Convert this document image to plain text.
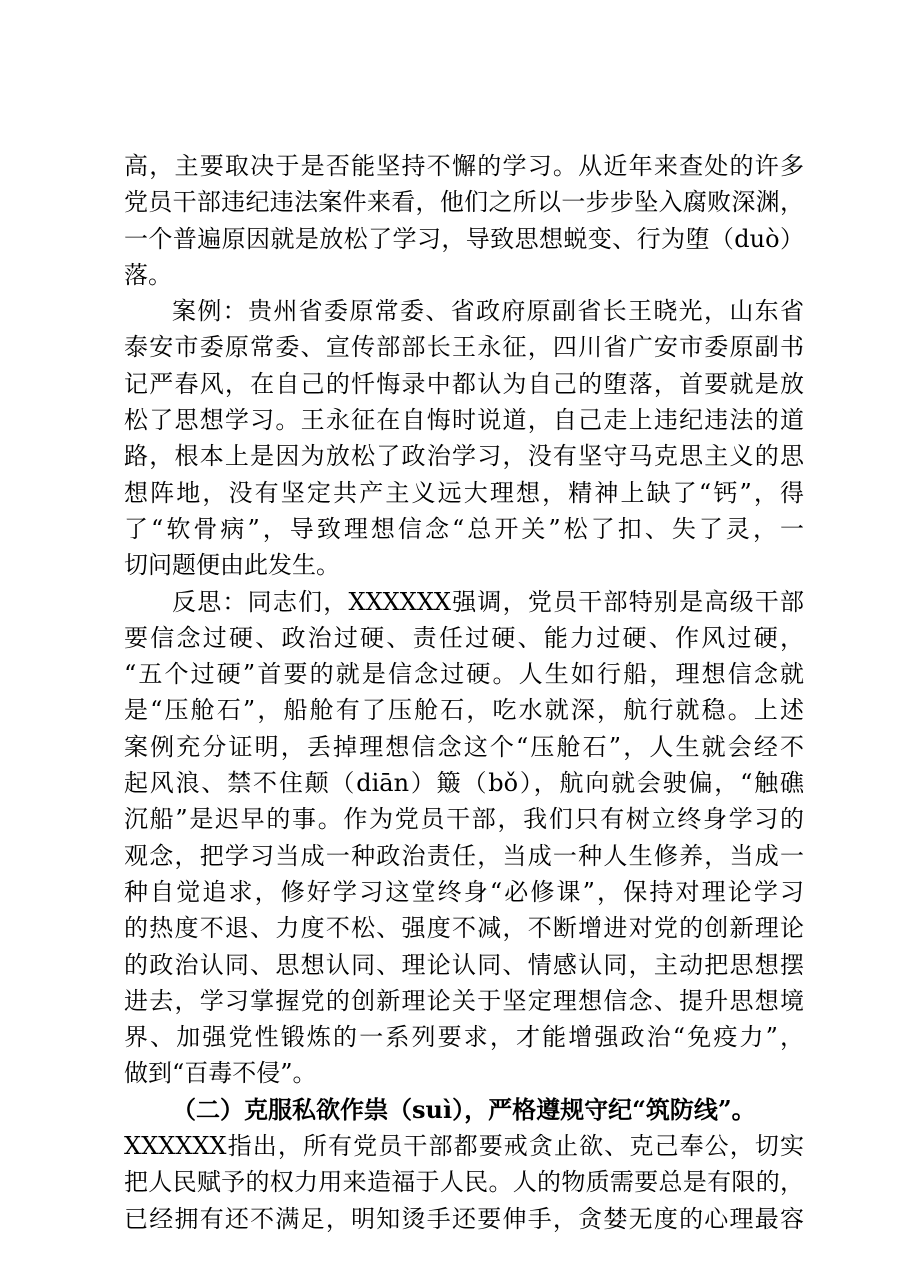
高，主要取决于是否能坚持不懈的学习。从近年来查处的许多
党员干部违纪违法案件来看，他们之所以一步步坠入腐败深渊，
一个普遍原因就是放松了学习，导致思想蜕变、行为堕（duò）
落。
案例：贵州省委原常委、省政府原副省长王晓光，山东省
泰安市委原常委、宣传部部长王永征，四川省广安市委原副书
记严春风，在自己的忏悔录中都认为自己的堕落，首要就是放
松了思想学习。王永征在自悔时说道，自己走上违纪违法的道
路，根本上是因为放松了政治学习，没有坚守马克思主义的思
想阵地，没有坚定共产主义远大理想，精神上缺了“钙”，得
了“软骨病”，导致理想信念“总开关”松了扣、失了灵，一
切问题便由此发生。
反思：同志们，XXXXXX强调，党员干部特别是高级干部
要信念过硬、政治过硬、责任过硬、能力过硬、作风过硬，
“五个过硬”首要的就是信念过硬。人生如行船，理想信念就
是“压舱石”，船舱有了压舱石，吃水就深，航行就稳。上述
案例充分证明，丢掉理想信念这个“压舱石”，人生就会经不
起风浪、禁不住颠（diān）簸（bǒ），航向就会驶偏，“触礁
沉船”是迟早的事。作为党员干部，我们只有树立终身学习的
观念，把学习当成一种政治责任，当成一种人生修养，当成一
种自觉追求，修好学习这堂终身“必修课”，保持对理论学习
的热度不退、力度不松、强度不减，不断增进对党的创新理论
的政治认同、思想认同、理论认同、情感认同，主动把思想摆
进去，学习掌握党的创新理论关于坚定理想信念、提升思想境
界、加强党性锻炼的一系列要求，才能增强政治“免疫力”，
做到“百毒不侵”。
（二）克服私欲作祟（suì），严格遵规守纪“筑防线”。
XXXXXX指出，所有党员干部都要戒贪止欲、克己奉公，切实
把人民赋予的权力用来造福于人民。人的物质需要总是有限的，
已经拥有还不满足，明知烫手还要伸手，贪婪无度的心理最容
